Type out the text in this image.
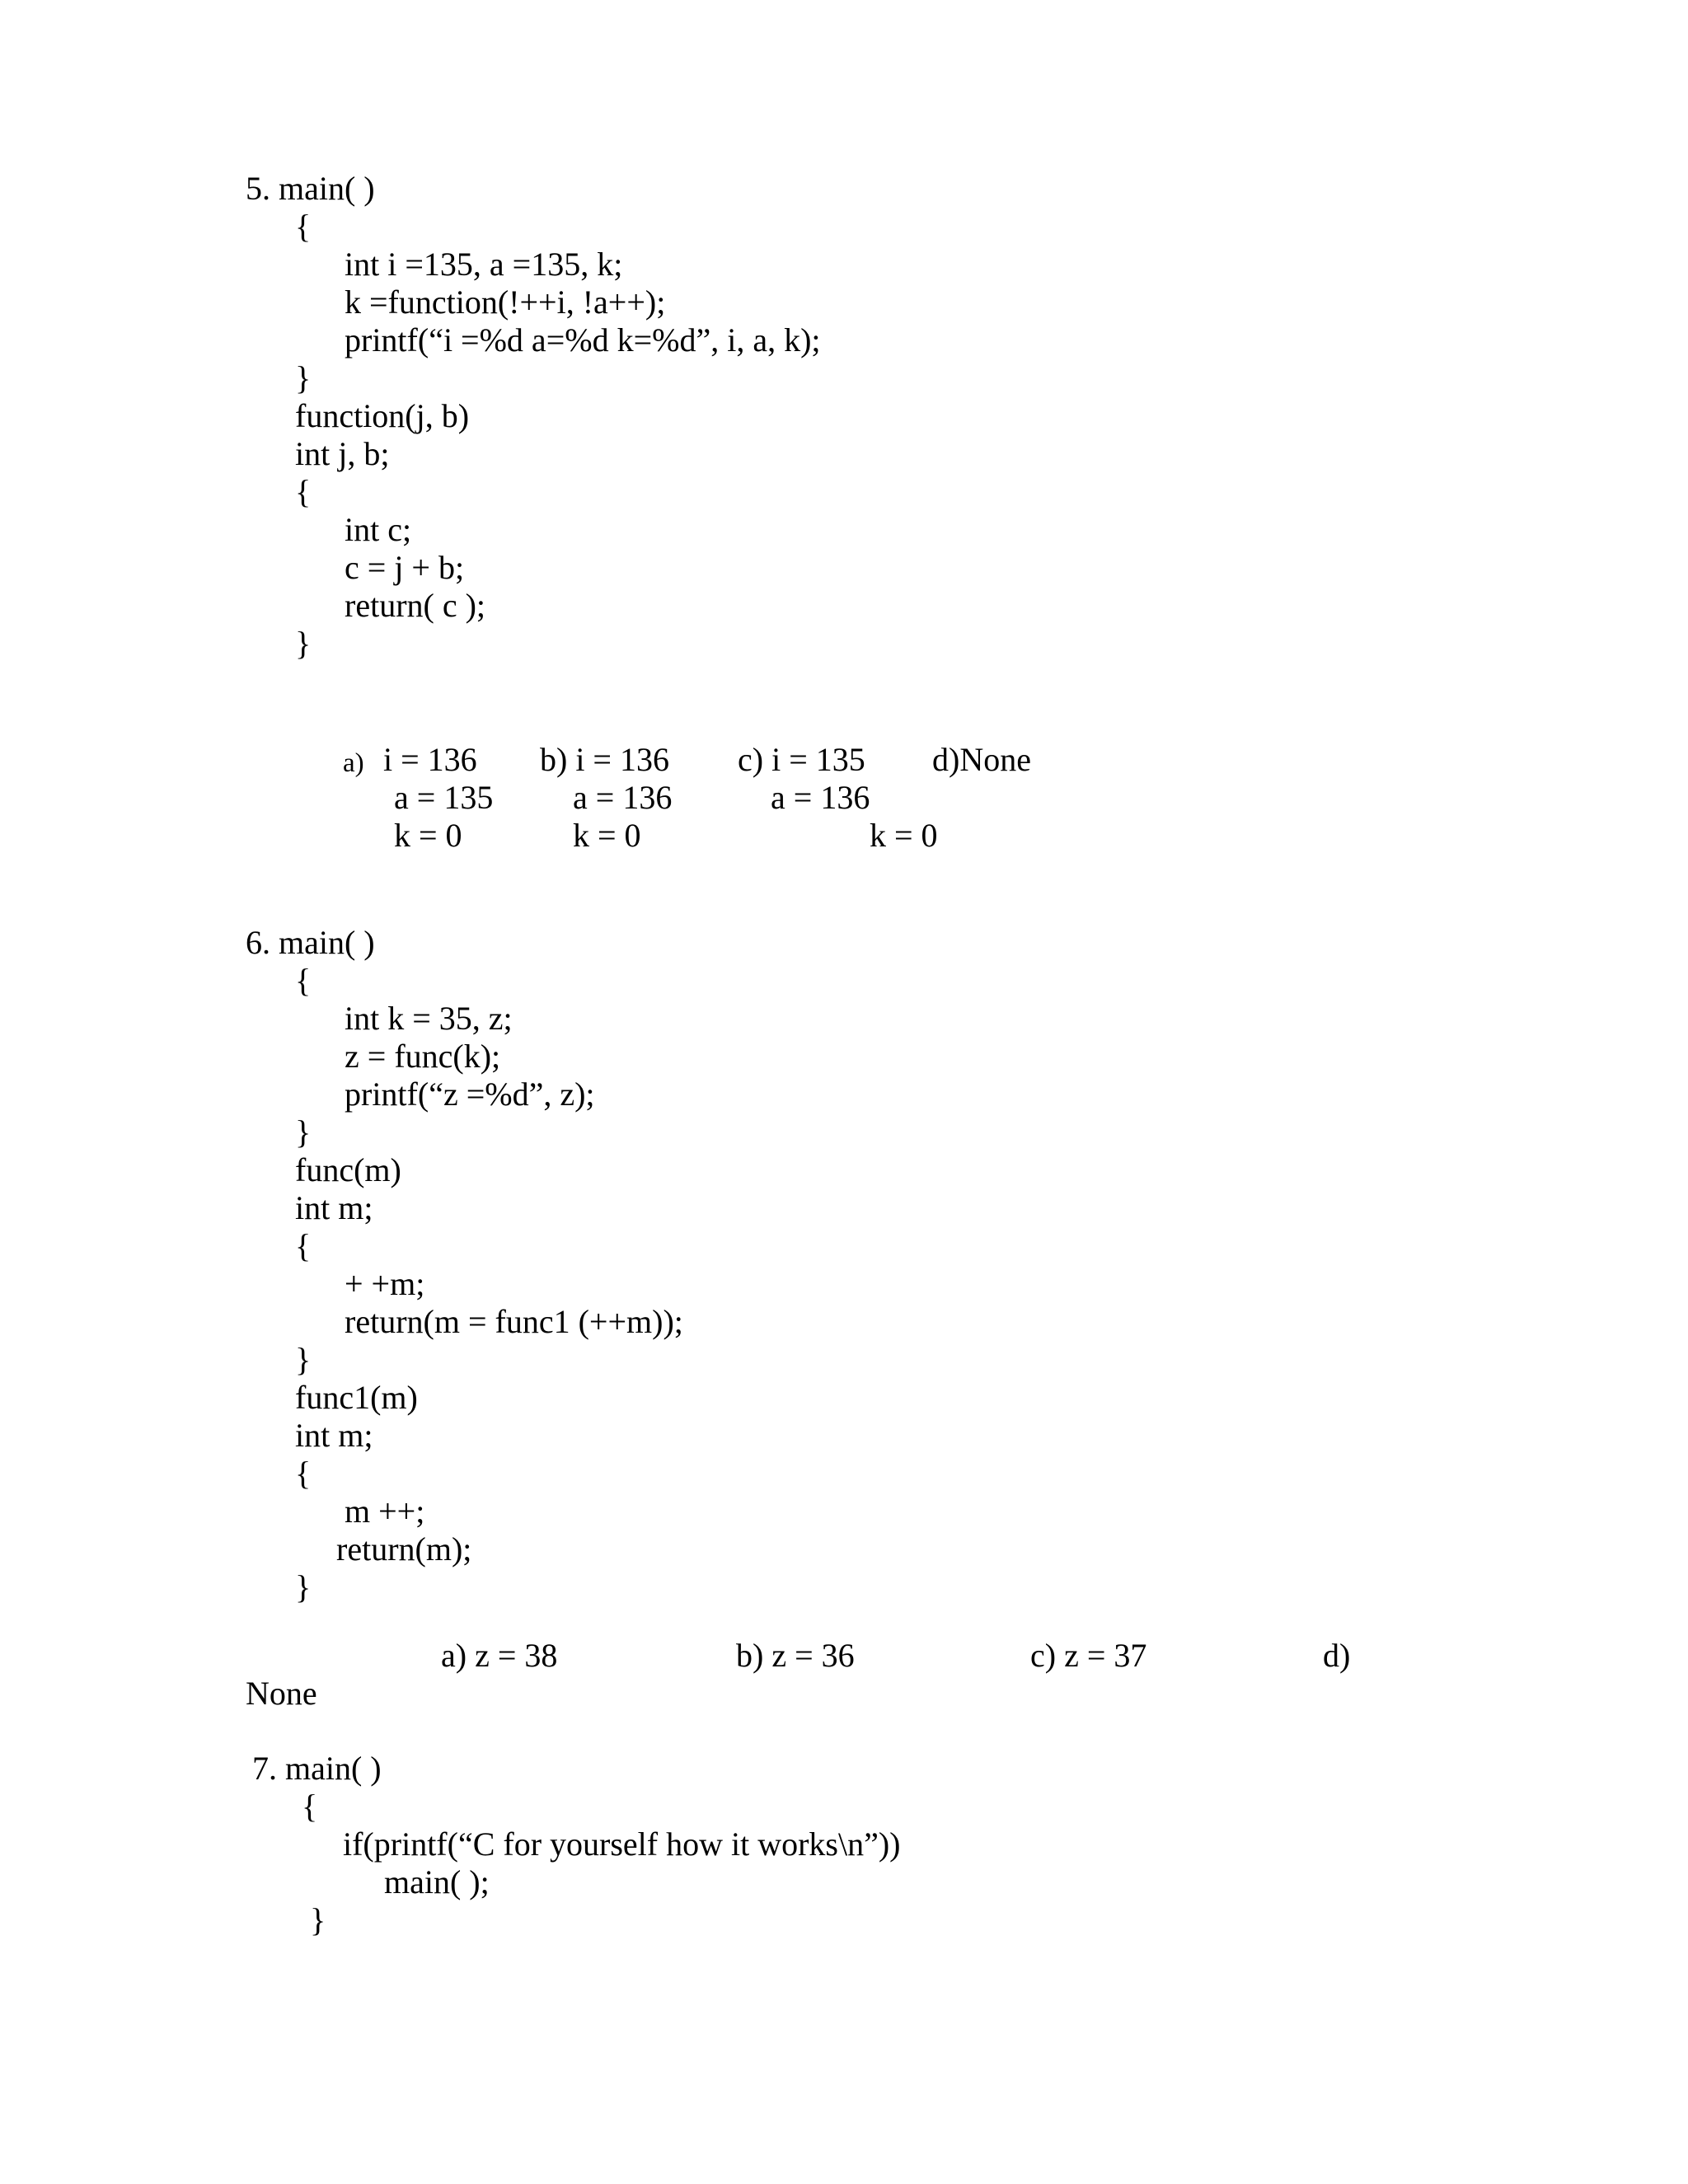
5. main( )
{
int i =135, a =135, k;
k =function(!++i, !a++);
printf(“i =%d a=%d k=%d”, i, a, k);
}
function(j, b)
int j, b;
{
int c;
c = j + b;
return( c );
}
a) i = 136
a = 135
k = 0
b) i = 136
a = 136
k = 0
c) i = 135
a = 136
k = 0
d)None
6. main( )
{
int k = 35, z;
z = func(k);
printf(“z =%d”, z);
}
func(m)
int m;
{
+ +m;
return(m = func1 (++m));
}
func1(m)
int m;
{
m ++;
return(m);
}
a) z = 38	b) z = 36	c) z = 37	d)
None
7. main( )
{
if(printf(“C for yourself how it works\n”))
main( );
}
